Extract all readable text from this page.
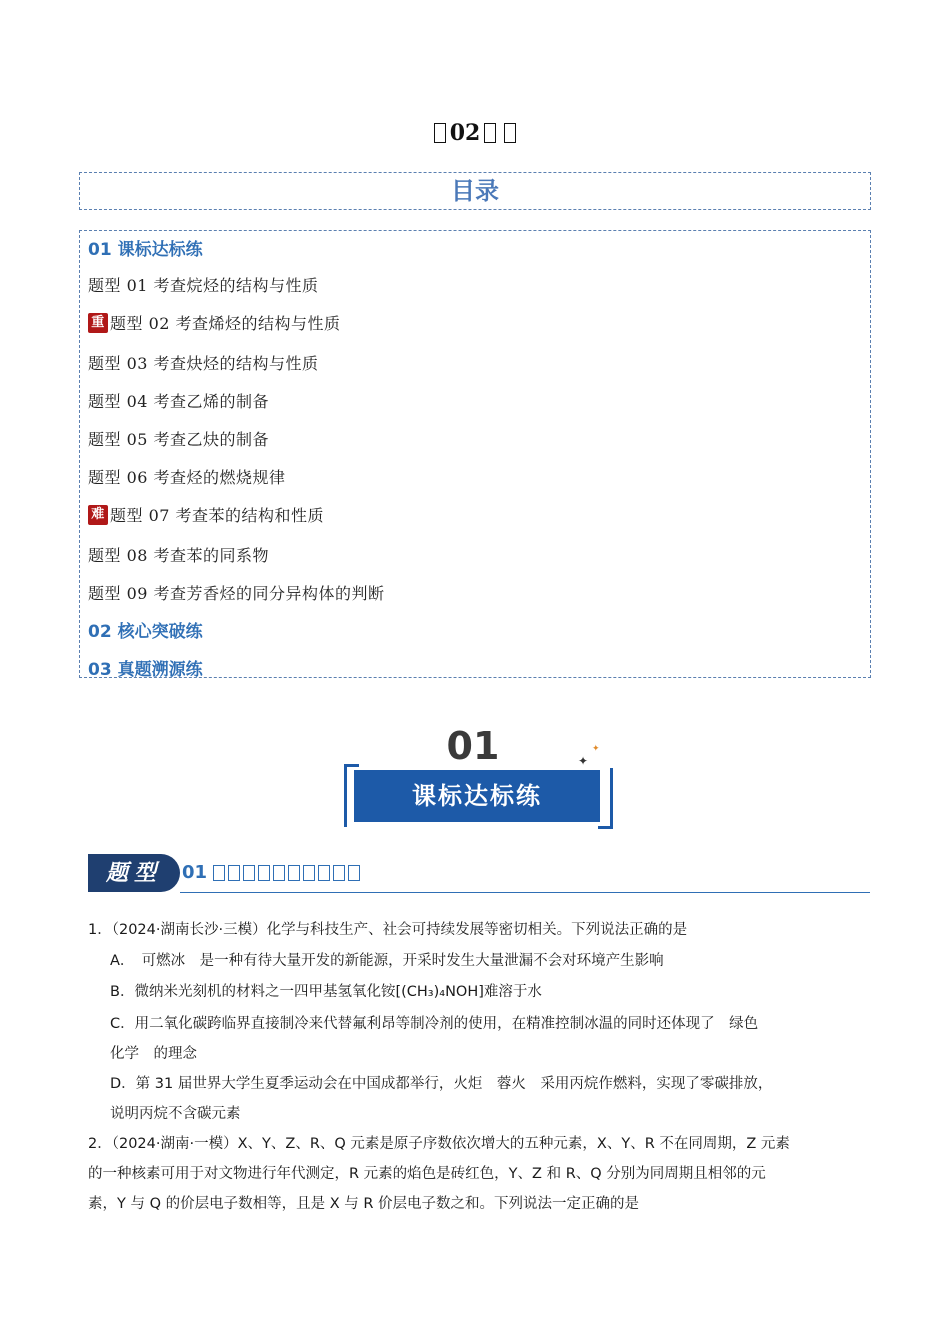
02
目录
01 课标达标练
题型 01 考查烷烃的结构与性质
重 题型 02 考查烯烃的结构与性质
题型 03 考查炔烃的结构与性质
题型 04 考查乙烯的制备
题型 05 考查乙炔的制备
题型 06 考查烃的燃烧规律
难 题型 07 考查苯的结构和性质
题型 08 考查苯的同系物
题型 09 考查芳香烃的同分异构体的判断
02 核心突破练
03 真题溯源练
01
课标达标练
✦
✦
题型	01
1．（2024·湖南长沙·三模）化学与科技生产、社会可持续发展等密切相关。下列说法正确的是
A．　可燃冰　是一种有待大量开发的新能源，开采时发生大量泄漏不会对环境产生影响
B．微纳米光刻机的材料之一四甲基氢氧化铵[(CH₃)₄NOH]难溶于水
C．用二氧化碳跨临界直接制冷来代替氟利昂等制冷剂的使用，在精准控制冰温的同时还体现了　绿色
化学　的理念
D．第 31 届世界大学生夏季运动会在中国成都举行，火炬　蓉火　采用丙烷作燃料，实现了零碳排放，
说明丙烷不含碳元素
2．（2024·湖南·一模）X、Y、Z、R、Q 元素是原子序数依次增大的五种元素，X、Y、R 不在同周期，Z 元素
的一种核素可用于对文物进行年代测定，R 元素的焰色是砖红色，Y、Z 和 R、Q 分别为同周期且相邻的元
素，Y 与 Q 的价层电子数相等，且是 X 与 R 价层电子数之和。下列说法一定正确的是
